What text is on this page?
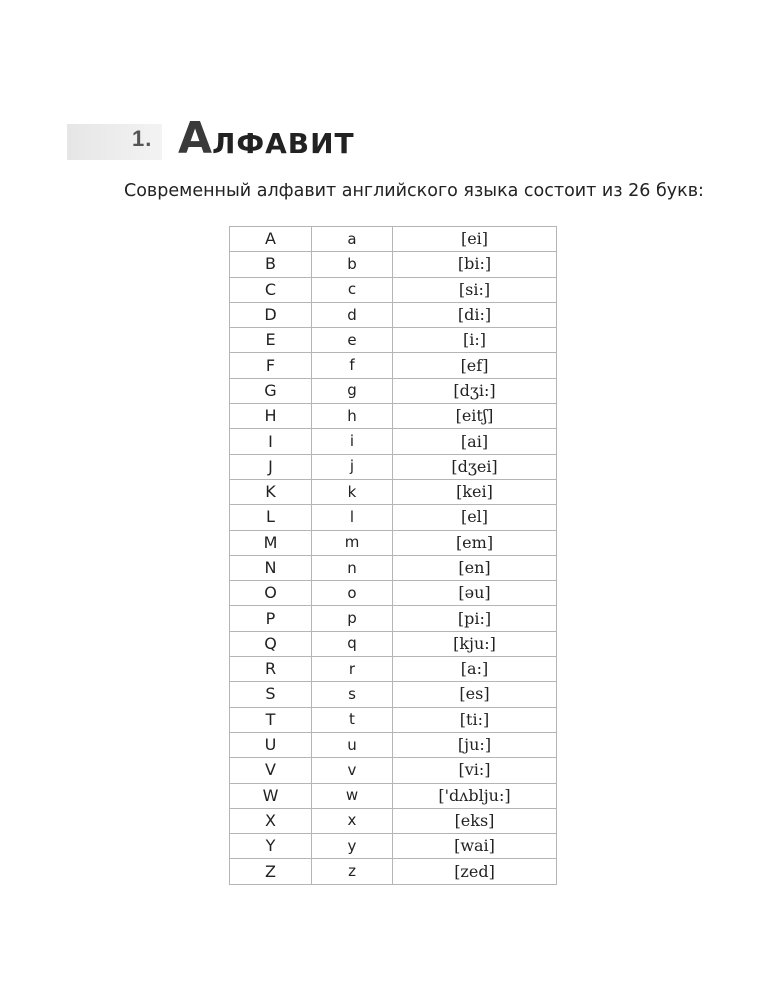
1. АЛФАВИТ
Современный алфавит английского языка состоит из 26 букв:
A	a	[ei]
B	b	[bi:]
C	c	[si:]
D	d	[di:]
E	e	[i:]
F	f	[ef]
G	g	[dʒi:]
H	h	[eitʃ]
I	i	[ai]
J	j	[dʒei]
K	k	[kei]
L	l	[el]
M	m	[em]
N	n	[en]
O	o	[əu]
P	p	[pi:]
Q	q	[kju:]
R	r	[a:]
S	s	[es]
T	t	[ti:]
U	u	[ju:]
V	v	[vi:]
W	w	['dʌblju:]
X	x	[eks]
Y	y	[wai]
Z	z	[zed]
